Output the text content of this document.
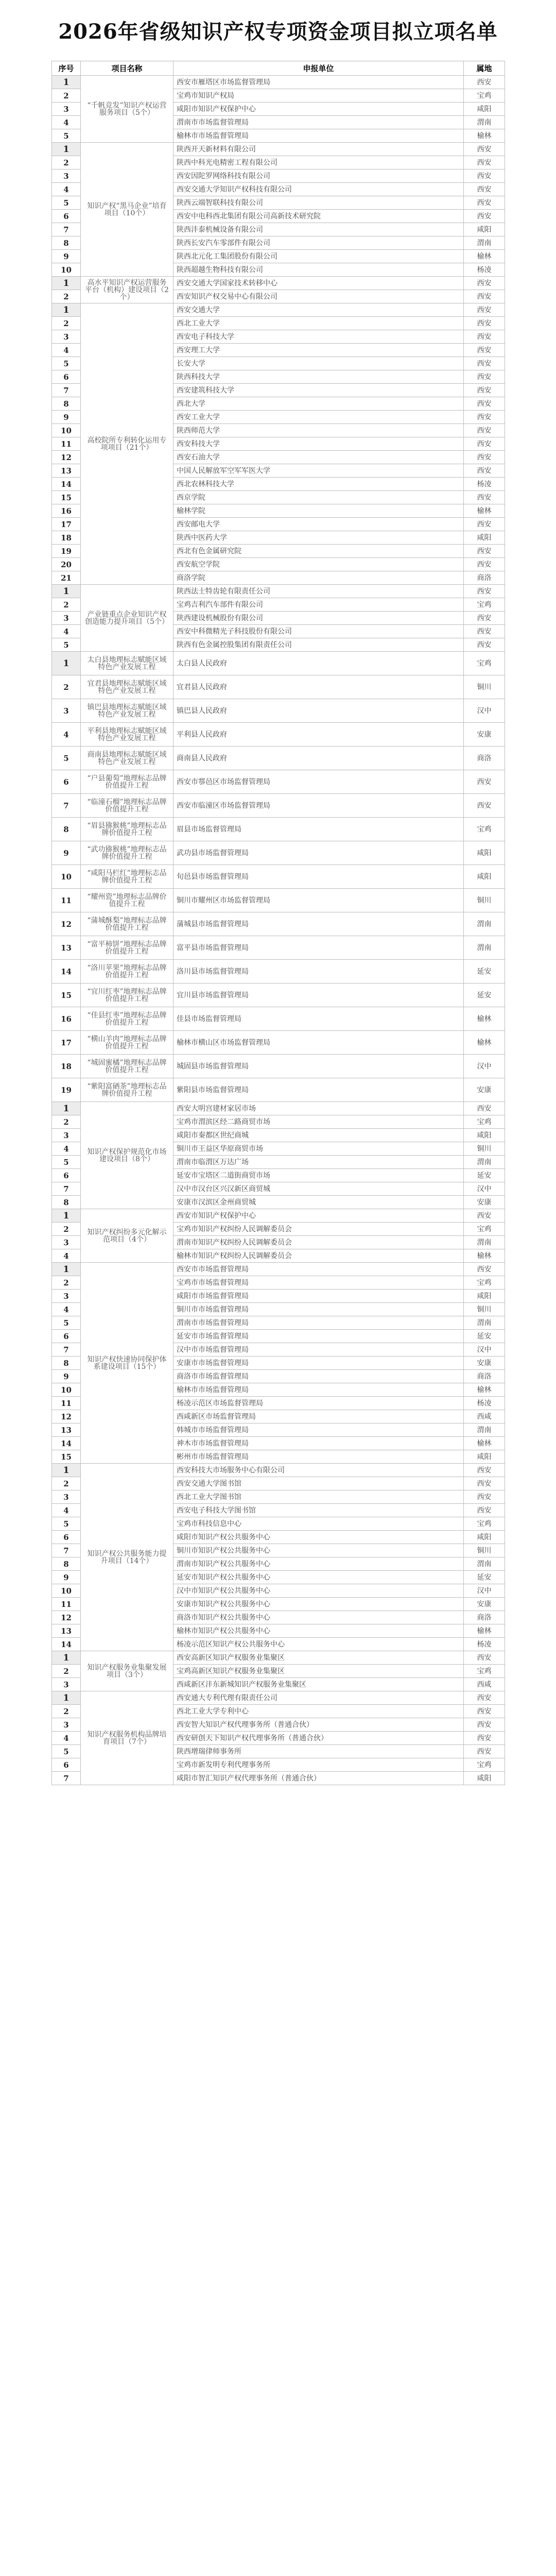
2026年省级知识产权专项资金项目拟立项名单
序号	项目名称	申报单位	属地
1	“千帆竞发”知识产权运营服务项目（5个）	西安市雁塔区市场监督管理局	西安
2		宝鸡市知识产权局	宝鸡
3		咸阳市知识产权保护中心	咸阳
4		渭南市市场监督管理局	渭南
5		榆林市市场监督管理局	榆林
1	知识产权“黑马企业”培育项目（10个）	陕西开天新材料有限公司	西安
2		陕西中科光电精密工程有限公司	西安
3		西安因陀罗网络科技有限公司	西安
4		西安交通大学知识产权科技有限公司	西安
5		陕西云端智联科技有限公司	西安
6		西安中电科西北集团有限公司高新技术研究院	西安
7		陕西沣泰机械设备有限公司	咸阳
8		陕西长安汽车零部件有限公司	渭南
9		陕西北元化工集团股份有限公司	榆林
10		陕西超越生物科技有限公司	杨凌
1	高水平知识产权运营服务平台（机构）建设项目（2个）	西安交通大学国家技术转移中心	西安
2		西安知识产权交易中心有限公司	西安
1	高校院所专利转化运用专项项目（21个）	西安交通大学	西安
2		西北工业大学	西安
3		西安电子科技大学	西安
4		西安理工大学	西安
5		长安大学	西安
6		陕西科技大学	西安
7		西安建筑科技大学	西安
8		西北大学	西安
9		西安工业大学	西安
10		陕西师范大学	西安
11		西安科技大学	西安
12		西安石油大学	西安
13		中国人民解放军空军军医大学	西安
14		西北农林科技大学	杨凌
15		西京学院	西安
16		榆林学院	榆林
17		西安邮电大学	西安
18		陕西中医药大学	咸阳
19		西北有色金属研究院	西安
20		西安航空学院	西安
21		商洛学院	商洛
1	产业链重点企业知识产权创造能力提升项目（5个）	陕西法士特齿轮有限责任公司	西安
2		宝鸡吉利汽车部件有限公司	宝鸡
3		陕西建设机械股份有限公司	西安
4		西安中科微精光子科技股份有限公司	西安
5		陕西有色金属控股集团有限责任公司	西安
1	太白县地理标志赋能区域特色产业发展工程	太白县人民政府	宝鸡
2	宜君县地理标志赋能区域特色产业发展工程	宜君县人民政府	铜川
3	镇巴县地理标志赋能区域特色产业发展工程	镇巴县人民政府	汉中
4	平利县地理标志赋能区域特色产业发展工程	平利县人民政府	安康
5	商南县地理标志赋能区域特色产业发展工程	商南县人民政府	商洛
6	“户县葡萄”地理标志品牌价值提升工程	西安市鄠邑区市场监督管理局	西安
7	“临潼石榴”地理标志品牌价值提升工程	西安市临潼区市场监督管理局	西安
8	“眉县猕猴桃”地理标志品牌价值提升工程	眉县市场监督管理局	宝鸡
9	“武功猕猴桃”地理标志品牌价值提升工程	武功县市场监督管理局	咸阳
10	“咸阳马栏红”地理标志品牌价值提升工程	旬邑县市场监督管理局	咸阳
11	“耀州瓷”地理标志品牌价值提升工程	铜川市耀州区市场监督管理局	铜川
12	“蒲城酥梨”地理标志品牌价值提升工程	蒲城县市场监督管理局	渭南
13	“富平柿饼”地理标志品牌价值提升工程	富平县市场监督管理局	渭南
14	“洛川苹果”地理标志品牌价值提升工程	洛川县市场监督管理局	延安
15	“宜川红枣”地理标志品牌价值提升工程	宜川县市场监督管理局	延安
16	“佳县红枣”地理标志品牌价值提升工程	佳县市场监督管理局	榆林
17	“横山羊肉”地理标志品牌价值提升工程	榆林市横山区市场监督管理局	榆林
18	“城固蜜橘”地理标志品牌价值提升工程	城固县市场监督管理局	汉中
19	“紫阳富硒茶”地理标志品牌价值提升工程	紫阳县市场监督管理局	安康
1	知识产权保护规范化市场建设项目（8个）	西安大明宫建材家居市场	西安
2		宝鸡市渭滨区经二路商贸市场	宝鸡
3		咸阳市秦都区世纪商城	咸阳
4		铜川市王益区华原商贸市场	铜川
5		渭南市临渭区万达广场	渭南
6		延安市宝塔区二道街商贸市场	延安
7		汉中市汉台区兴汉新区商贸城	汉中
8		安康市汉滨区金州商贸城	安康
1	知识产权纠纷多元化解示范项目（4个）	西安市知识产权保护中心	西安
2		宝鸡市知识产权纠纷人民调解委员会	宝鸡
3		渭南市知识产权纠纷人民调解委员会	渭南
4		榆林市知识产权纠纷人民调解委员会	榆林
1	知识产权快速协同保护体系建设项目（15个）	西安市市场监督管理局	西安
2		宝鸡市市场监督管理局	宝鸡
3		咸阳市市场监督管理局	咸阳
4		铜川市市场监督管理局	铜川
5		渭南市市场监督管理局	渭南
6		延安市市场监督管理局	延安
7		汉中市市场监督管理局	汉中
8		安康市市场监督管理局	安康
9		商洛市市场监督管理局	商洛
10		榆林市市场监督管理局	榆林
11		杨凌示范区市场监督管理局	杨凌
12		西咸新区市场监督管理局	西咸
13		韩城市市场监督管理局	渭南
14		神木市市场监督管理局	榆林
15		彬州市市场监督管理局	咸阳
1	知识产权公共服务能力提升项目（14个）	西安科技大市场服务中心有限公司	西安
2		西安交通大学图书馆	西安
3		西北工业大学图书馆	西安
4		西安电子科技大学图书馆	西安
5		宝鸡市科技信息中心	宝鸡
6		咸阳市知识产权公共服务中心	咸阳
7		铜川市知识产权公共服务中心	铜川
8		渭南市知识产权公共服务中心	渭南
9		延安市知识产权公共服务中心	延安
10		汉中市知识产权公共服务中心	汉中
11		安康市知识产权公共服务中心	安康
12		商洛市知识产权公共服务中心	商洛
13		榆林市知识产权公共服务中心	榆林
14		杨凌示范区知识产权公共服务中心	杨凌
1	知识产权服务业集聚发展项目（3个）	西安高新区知识产权服务业集聚区	西安
2		宝鸡高新区知识产权服务业集聚区	宝鸡
3		西咸新区沣东新城知识产权服务业集聚区	西咸
1	知识产权服务机构品牌培育项目（7个）	西安通大专利代理有限责任公司	西安
2		西北工业大学专利中心	西安
3		西安智大知识产权代理事务所（普通合伙）	西安
4		西安研创天下知识产权代理事务所（普通合伙）	西安
5		陕西增瑞律师事务所	西安
6		宝鸡市新发明专利代理事务所	宝鸡
7		咸阳市智汇知识产权代理事务所（普通合伙）	咸阳
